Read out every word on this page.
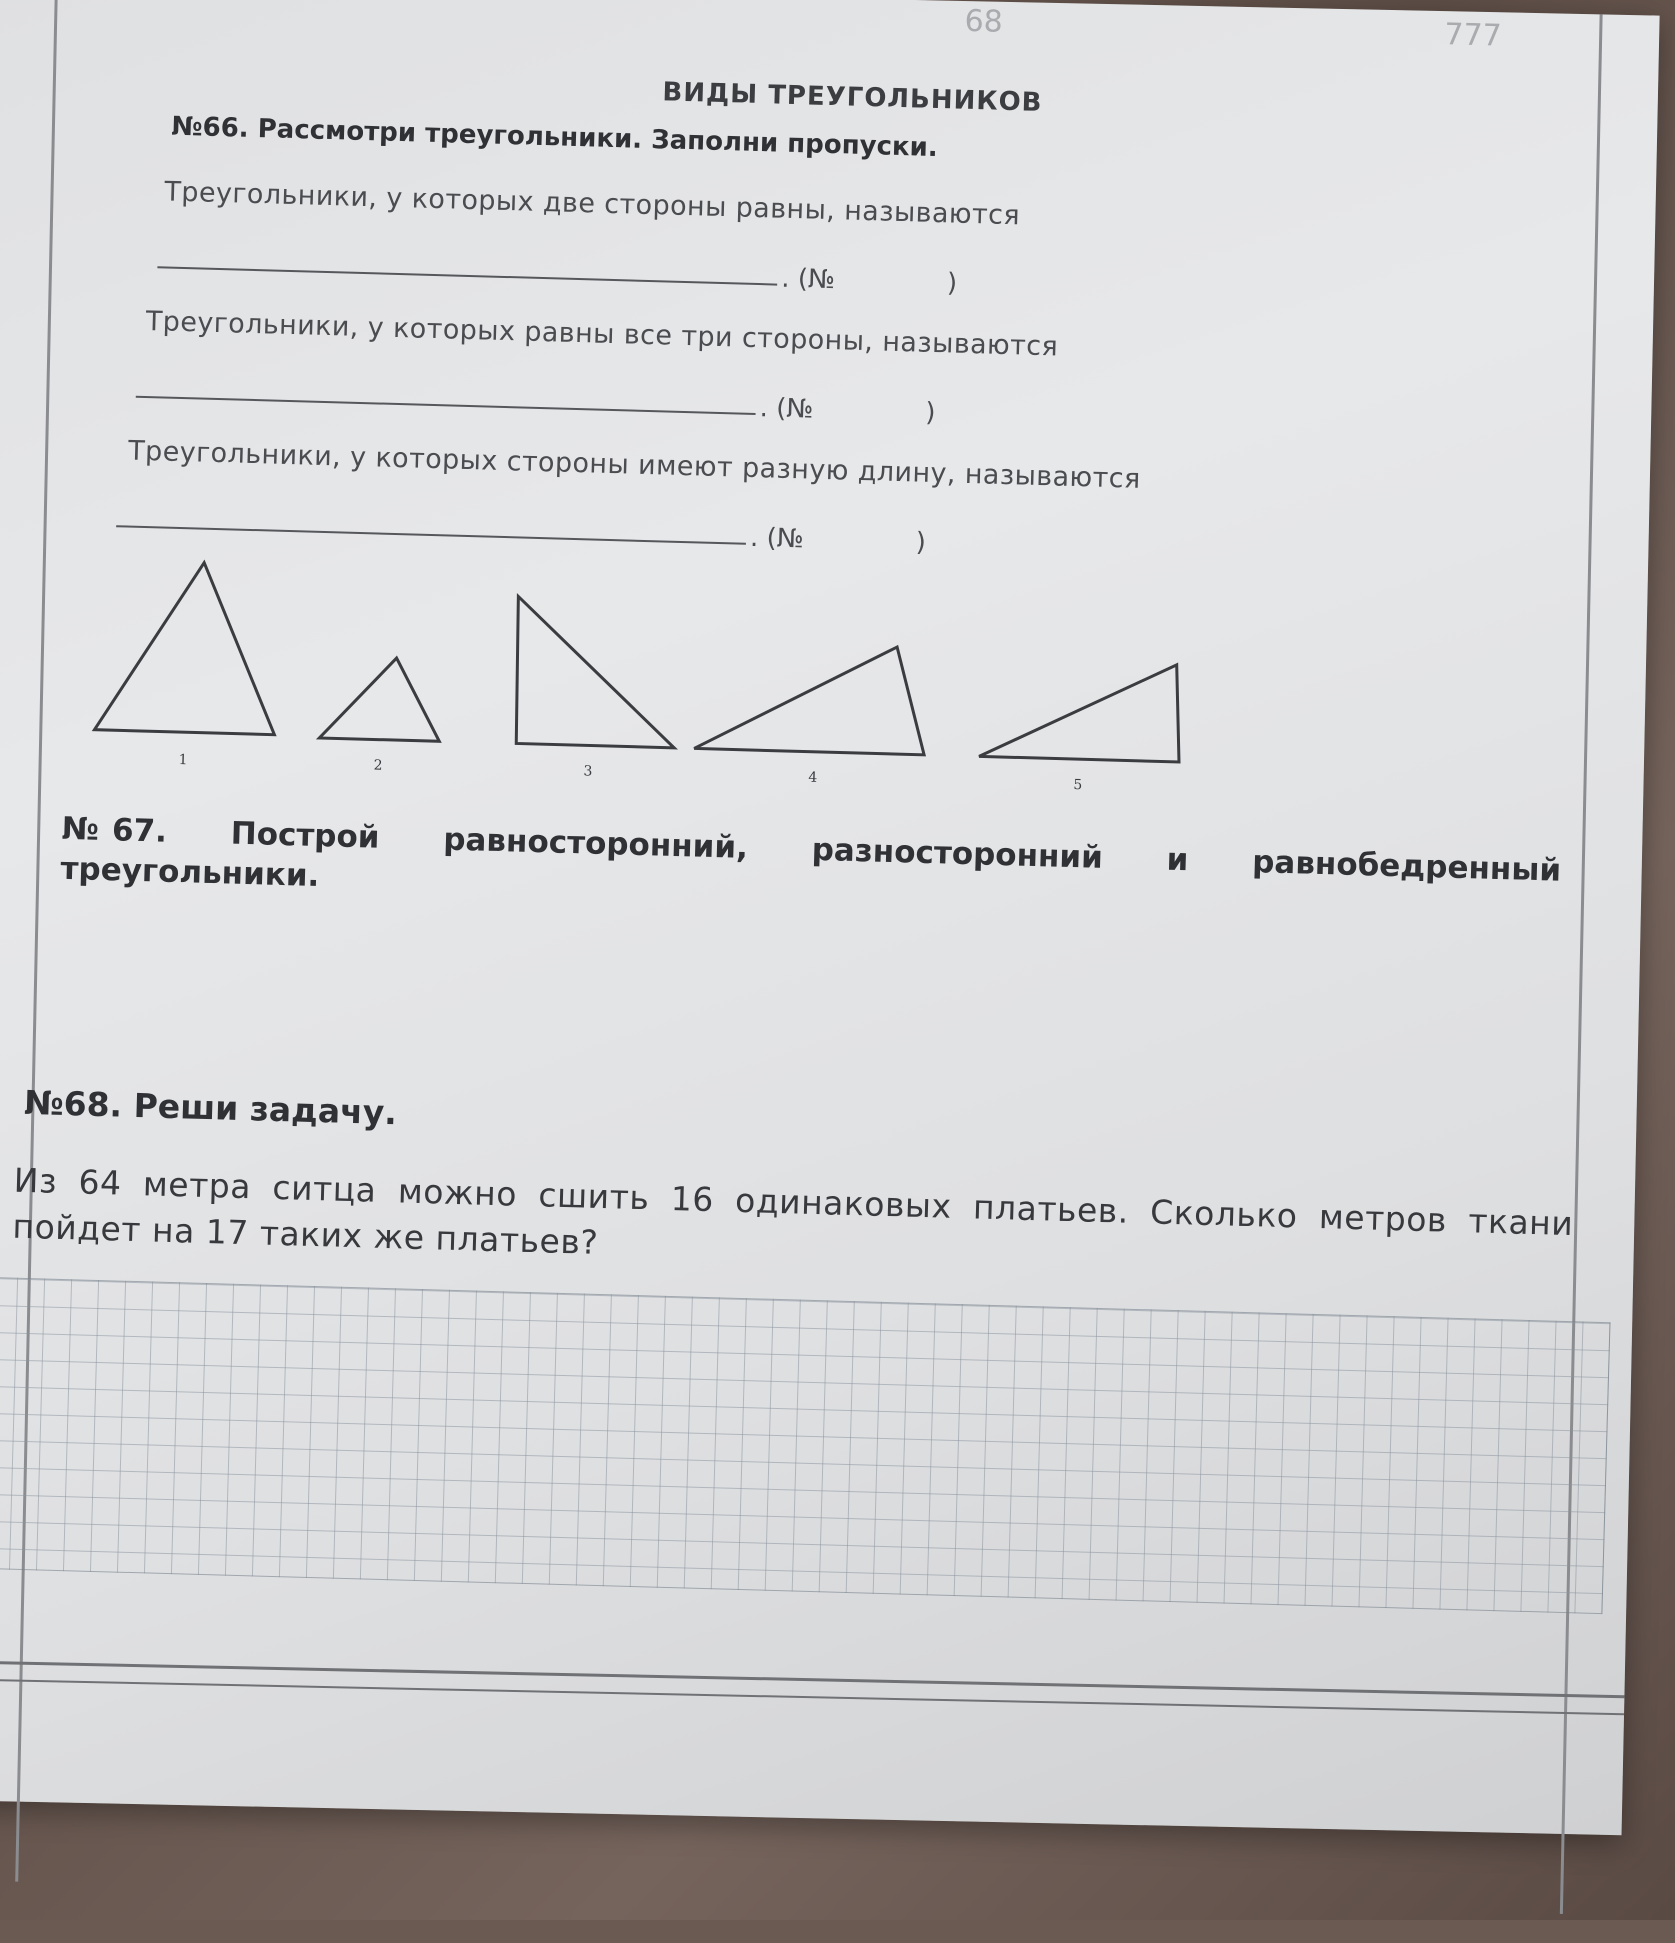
68	777
ВИДЫ ТРЕУГОЛЬНИКОВ
№66. Рассмотри треугольники. Заполни пропуски.
Треугольники, у которых две стороны равны, называются
. (№	)
Треугольники, у которых равны все три стороны, называются
. (№	)
Треугольники, у которых стороны имеют разную длину, называются
. (№	)
1	2	3	4	5
№67. Построй равносторонний, разносторонний и равнобедренный треугольники.
№68. Реши задачу.
Из 64 метра ситца можно сшить 16 одинаковых платьев. Сколько метров ткани пойдет на 17 таких же платьев?
